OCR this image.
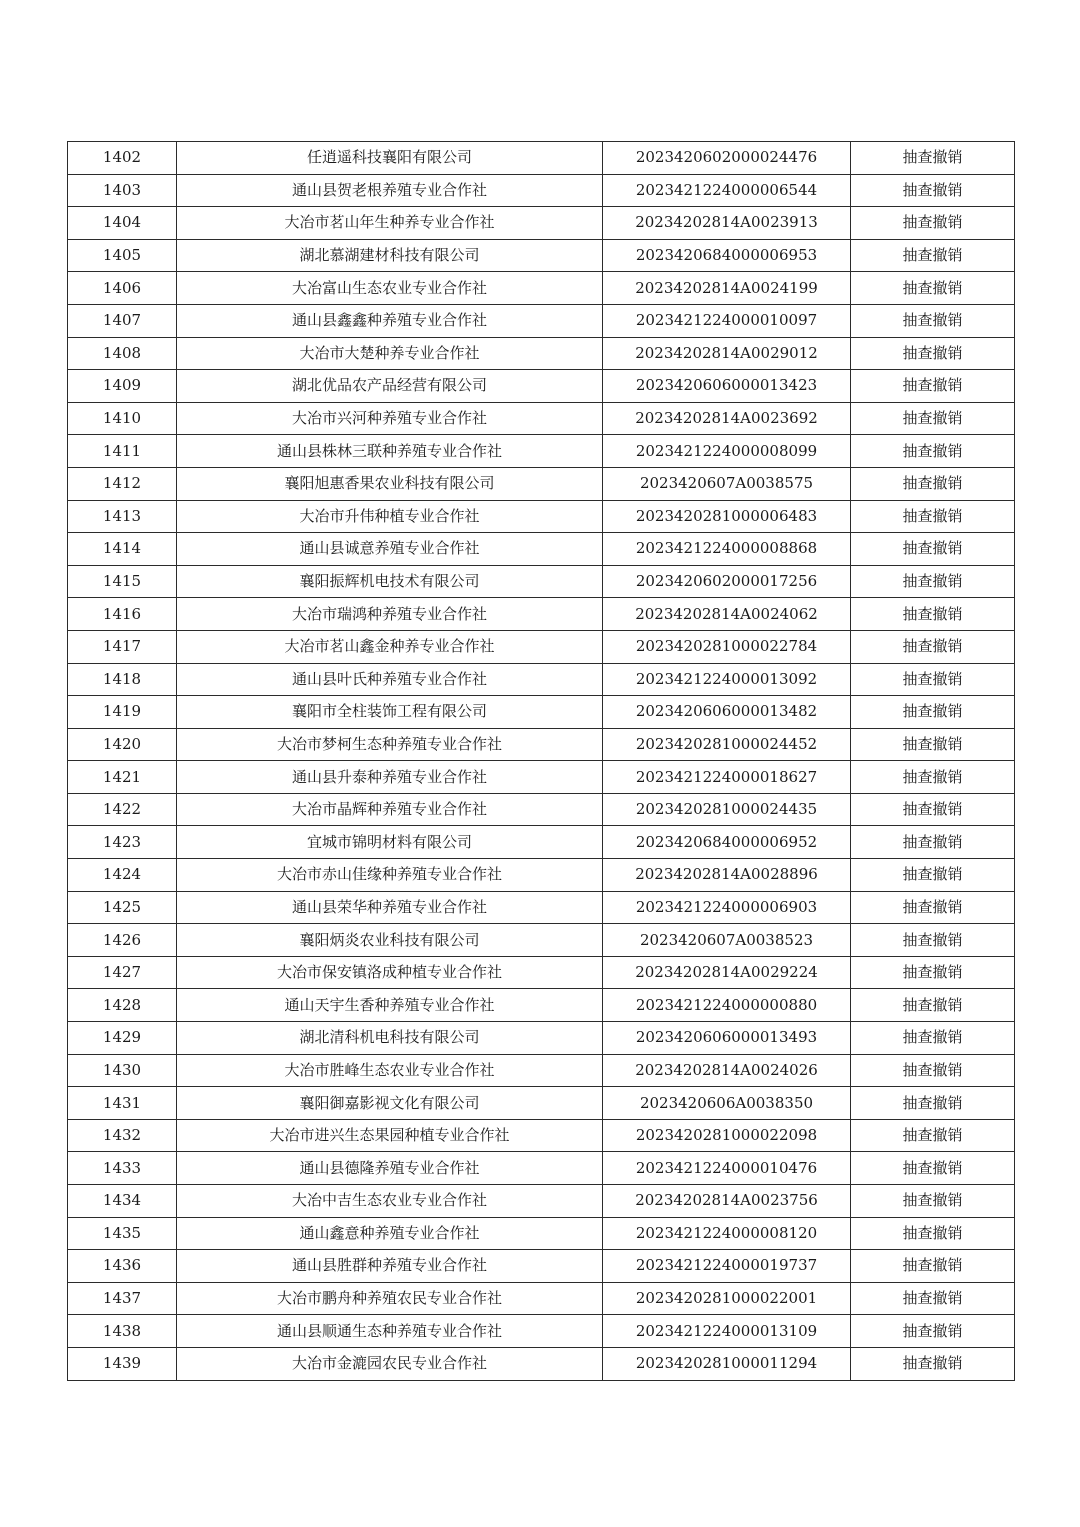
1402	任逍遥科技襄阳有限公司	2023420602000024476	抽查撤销
1403	通山县贺老根养殖专业合作社	2023421224000006544	抽查撤销
1404	大冶市茗山年生种养专业合作社	20234202814A0023913	抽查撤销
1405	湖北慕湖建材科技有限公司	2023420684000006953	抽查撤销
1406	大冶富山生态农业专业合作社	20234202814A0024199	抽查撤销
1407	通山县鑫鑫种养殖专业合作社	2023421224000010097	抽查撤销
1408	大冶市大楚种养专业合作社	20234202814A0029012	抽查撤销
1409	湖北优品农产品经营有限公司	2023420606000013423	抽查撤销
1410	大冶市兴河种养殖专业合作社	20234202814A0023692	抽查撤销
1411	通山县株林三联种养殖专业合作社	2023421224000008099	抽查撤销
1412	襄阳旭惠香果农业科技有限公司	2023420607A0038575	抽查撤销
1413	大冶市升伟种植专业合作社	2023420281000006483	抽查撤销
1414	通山县诚意养殖专业合作社	2023421224000008868	抽查撤销
1415	襄阳振辉机电技术有限公司	2023420602000017256	抽查撤销
1416	大冶市瑞鸿种养殖专业合作社	20234202814A0024062	抽查撤销
1417	大冶市茗山鑫金种养专业合作社	2023420281000022784	抽查撤销
1418	通山县叶氏种养殖专业合作社	2023421224000013092	抽查撤销
1419	襄阳市全柱装饰工程有限公司	2023420606000013482	抽查撤销
1420	大冶市梦柯生态种养殖专业合作社	2023420281000024452	抽查撤销
1421	通山县升泰种养殖专业合作社	2023421224000018627	抽查撤销
1422	大冶市晶辉种养殖专业合作社	2023420281000024435	抽查撤销
1423	宜城市锦明材料有限公司	2023420684000006952	抽查撤销
1424	大冶市赤山佳缘种养殖专业合作社	20234202814A0028896	抽查撤销
1425	通山县荣华种养殖专业合作社	2023421224000006903	抽查撤销
1426	襄阳炳炎农业科技有限公司	2023420607A0038523	抽查撤销
1427	大冶市保安镇洛成种植专业合作社	20234202814A0029224	抽查撤销
1428	通山天宇生香种养殖专业合作社	2023421224000000880	抽查撤销
1429	湖北清科机电科技有限公司	2023420606000013493	抽查撤销
1430	大冶市胜峰生态农业专业合作社	20234202814A0024026	抽查撤销
1431	襄阳御嘉影视文化有限公司	2023420606A0038350	抽查撤销
1432	大冶市进兴生态果园种植专业合作社	2023420281000022098	抽查撤销
1433	通山县德隆养殖专业合作社	2023421224000010476	抽查撤销
1434	大冶中吉生态农业专业合作社	20234202814A0023756	抽查撤销
1435	通山鑫意种养殖专业合作社	2023421224000008120	抽查撤销
1436	通山县胜群种养殖专业合作社	2023421224000019737	抽查撤销
1437	大冶市鹏舟种养殖农民专业合作社	2023420281000022001	抽查撤销
1438	通山县顺通生态种养殖专业合作社	2023421224000013109	抽查撤销
1439	大冶市金漉园农民专业合作社	2023420281000011294	抽查撤销
